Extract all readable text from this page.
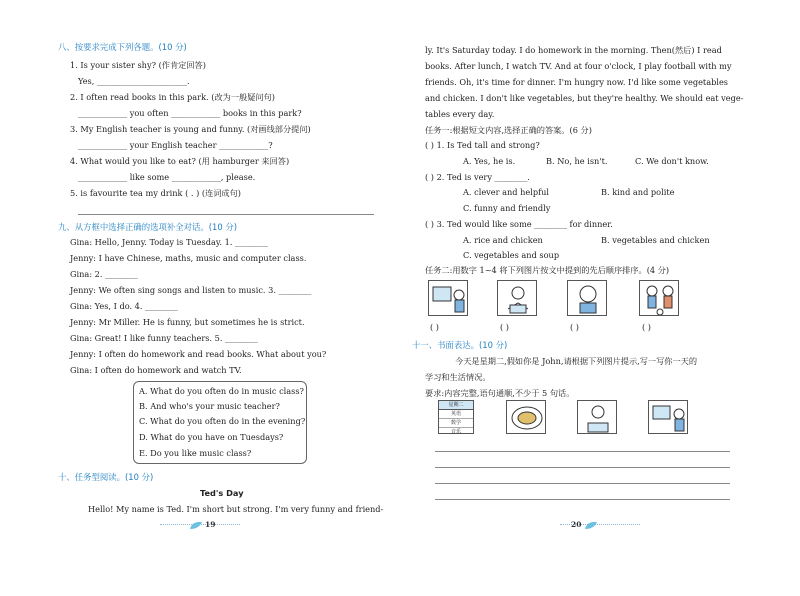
八、按要求完成下列各题。(10 分)
1. Is your sister shy? (作肯定回答)
Yes, ______________________.
2. I often read books in this park. (改为一般疑问句)
____________ you often ____________ books in this park?
3. My English teacher is young and funny. (对画线部分提问)
____________ your English teacher ____________?
4. What would you like to eat? (用 hamburger 来回答)
____________ like some ____________, please.
5. is favourite tea my drink ( . ) (连词成句)
九、从方框中选择正确的选项补全对话。(10 分)
Gina: Hello, Jenny. Today is Tuesday. 1. ________
Jenny: I have Chinese, maths, music and computer class.
Gina: 2. ________
Jenny: We often sing songs and listen to music. 3. ________
Gina: Yes, I do. 4. ________
Jenny: Mr Miller. He is funny, but sometimes he is strict.
Gina: Great! I like funny teachers. 5. ________
Jenny: I often do homework and read books. What about you?
Gina: I often do homework and watch TV.
A. What do you often do in music class?
B. And who's your music teacher?
C. What do you often do in the evening?
D. What do you have on Tuesdays?
E. Do you like music class?
十、任务型阅读。(10 分)
Ted's Day
Hello! My name is Ted. I'm short but strong. I'm very funny and friend-
19
ly. It's Saturday today. I do homework in the morning. Then(然后) I read
books. After lunch, I watch TV. And at four o'clock, I play football with my
friends. Oh, it's time for dinner. I'm hungry now. I'd like some vegetables
and chicken. I don't like vegetables, but they're healthy. We should eat vege-
tables every day.
任务一:根据短文内容,选择正确的答案。(6 分)
( ) 1. Is Ted tall and strong?
A. Yes, he is.	B. No, he isn't.	C. We don't know.
( ) 2. Ted is very ________.
A. clever and helpful	B. kind and polite
C. funny and friendly
( ) 3. Ted would like some ________ for dinner.
A. rice and chicken	B. vegetables and chicken
C. vegetables and soup
任务二:用数字 1~4 将下列图片按文中提到的先后顺序排序。(4 分)
( )	( )	( )	( )
十一、书面表达。(10 分)
今天是星期二,假如你是 John,请根据下列图片提示,写一写你一天的
学习和生活情况。
要求:内容完整,语句通顺,不少于 5 句话。
星期二
英语
数学
音乐
20
